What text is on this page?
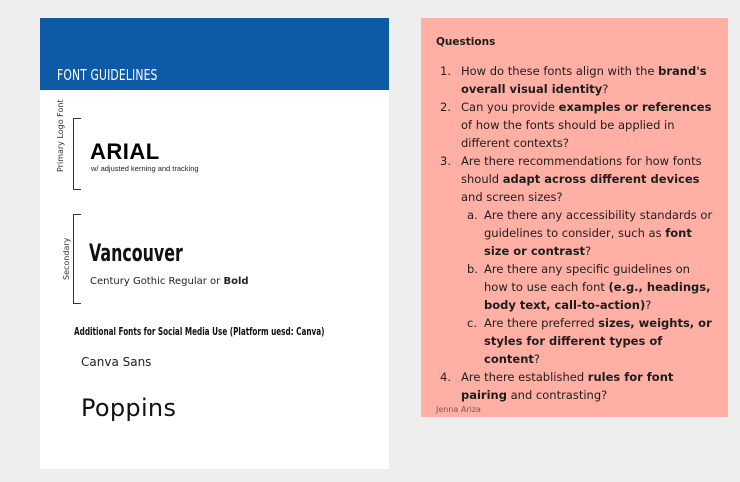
FONT GUIDELINES
Primary Logo Font ARIAL
w/ adjusted kerning and tracking
Secondary Vancouver
Century Gothic Regular or Bold
Additional Fonts for Social Media Use (Platform uesd: Canva)
Canva Sans
Poppins
Questions
1. How do these fonts align with the brand's overall visual identity?
2. Can you provide examples or references of how the fonts should be applied in different contexts?
3. Are there recommendations for how fonts should adapt across different devices and screen sizes?
a. Are there any accessibility standards or guidelines to consider, such as font size or contrast?
b. Are there any specific guidelines on how to use each font (e.g., headings, body text, call-to-action)?
c. Are there preferred sizes, weights, or styles for different types of content?
4. Are there established rules for font pairing and contrasting?
Jenna Ariza
